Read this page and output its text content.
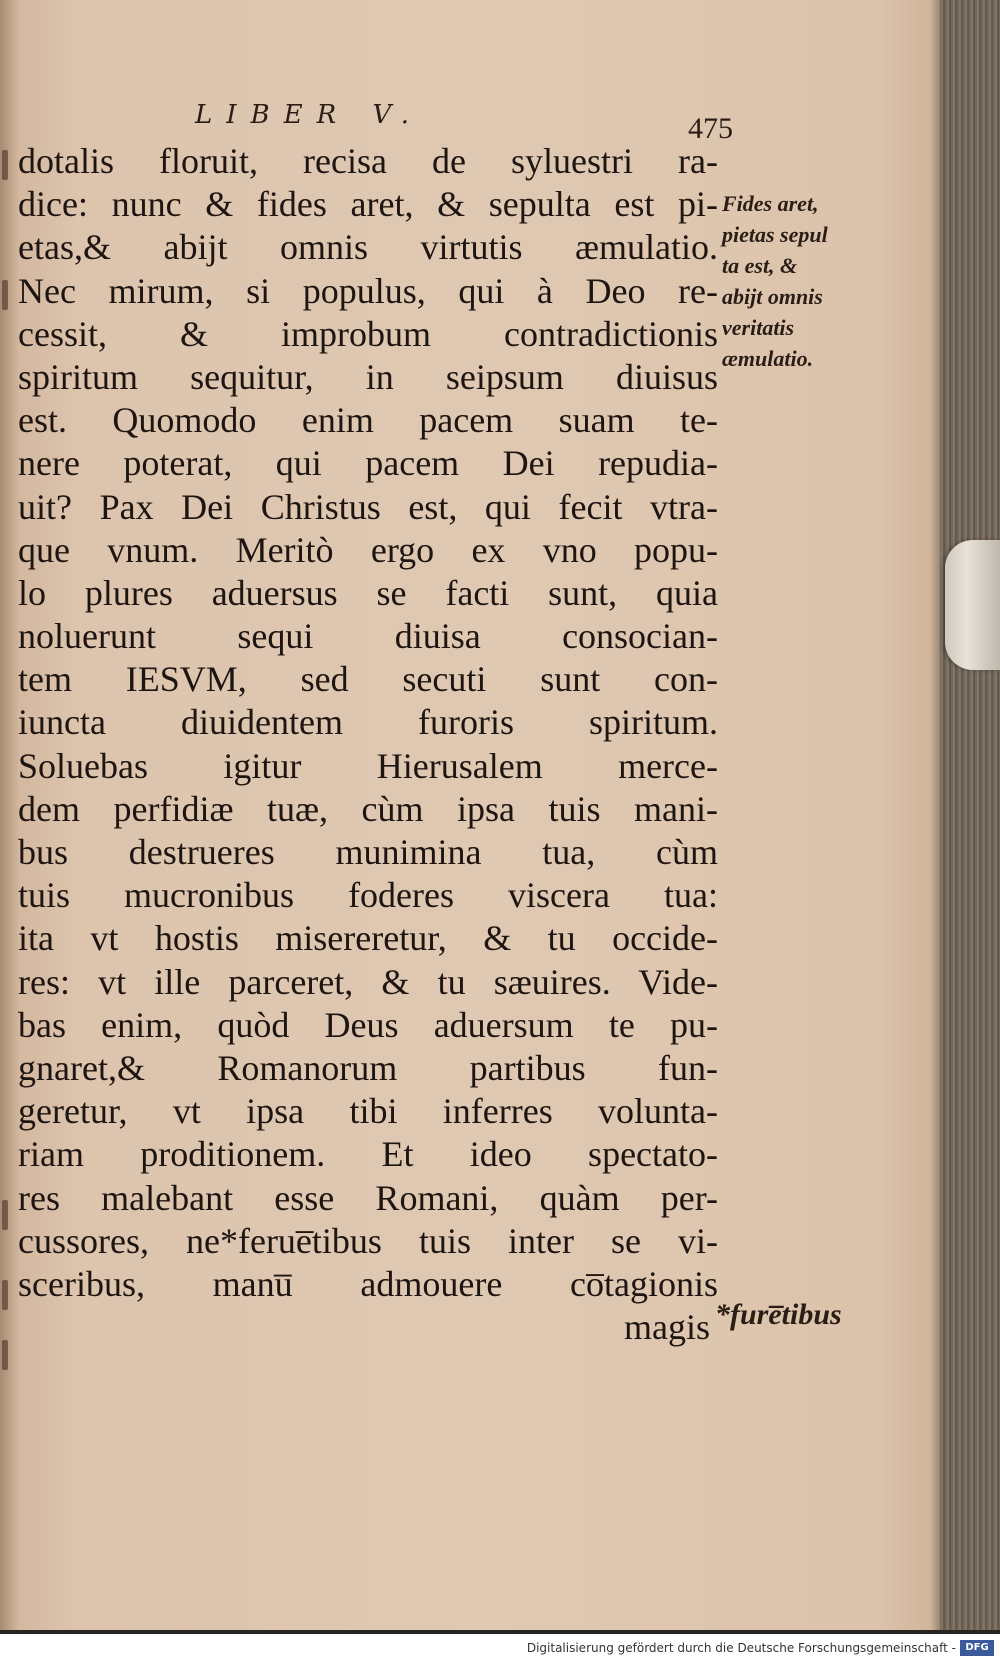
LIBER V.	475
dotalis floruit, recisa de syluestri ra-
dice: nunc & fides aret, & sepulta est pi-
etas,& abijt omnis virtutis æmulatio.
Nec mirum, si populus, qui à Deo re-
cessit, & improbum contradictionis
spiritum sequitur, in seipsum diuisus
est. Quomodo enim pacem suam te-
nere poterat, qui pacem Dei repudia-
uit? Pax Dei Christus est, qui fecit vtra-
que vnum. Meritò ergo ex vno popu-
lo plures aduersus se facti sunt, quia
noluerunt sequi diuisa consocian-
tem IESVM, sed secuti sunt con-
iuncta diuidentem furoris spiritum.
Soluebas igitur Hierusalem merce-
dem perfidiæ tuæ, cùm ipsa tuis mani-
bus destrueres munimina tua, cùm
tuis mucronibus foderes viscera tua:
ita vt hostis misereretur, & tu occide-
res: vt ille parceret, & tu sæuires. Vide-
bas enim, quòd Deus aduersum te pu-
gnaret,& Romanorum partibus fun-
geretur, vt ipsa tibi inferres volunta-
riam proditionem. Et ideo spectato-
res malebant esse Romani, quàm per-
cussores, ne*ferue̅tibus tuis inter se vi-
sceribus, manu̅ admouere co̅tagionis
magis
Fides aret,
pietas sepul
ta est, &
abijt omnis
veritatis
æmulatio.
*fure̅tibus
Digitalisierung gefördert durch die Deutsche Forschungsgemeinschaft - DFG
